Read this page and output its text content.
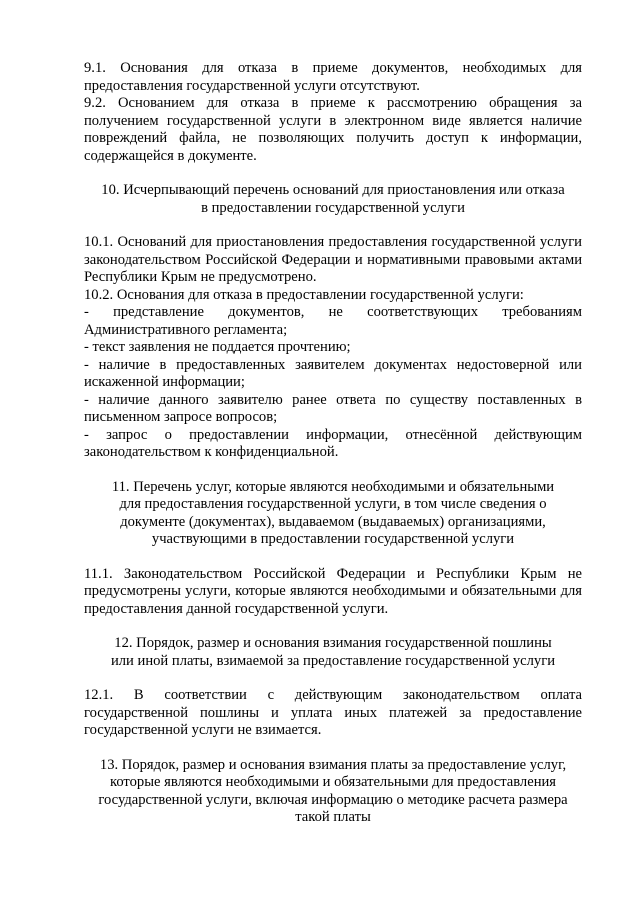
9.1. Основания для отказа в приеме документов, необходимых для предоставления государственной услуги отсутствуют.

9.2. Основанием для отказа в приеме к рассмотрению обращения за получением государственной услуги в электронном виде является наличие повреждений файла, не позволяющих получить доступ к информации, содержащейся в документе.

10. Исчерпывающий перечень оснований для приостановления или отказа
в предоставлении государственной услуги

10.1. Оснований для приостановления предоставления государственной услуги законодательством Российской Федерации и нормативными правовыми актами Республики Крым не предусмотрено.

10.2. Основания для отказа в предоставлении государственной услуги:

- представление документов, не соответствующих требованиям Административного регламента;

- текст заявления не поддается прочтению;

- наличие в предоставленных заявителем документах недостоверной или искаженной информации;

- наличие данного заявителю ранее ответа по существу поставленных в письменном запросе вопросов;

- запрос о предоставлении информации, отнесённой действующим законодательством к конфиденциальной.

11. Перечень услуг, которые являются необходимыми и обязательными
для предоставления государственной услуги, в том числе сведения о
документе (документах), выдаваемом (выдаваемых) организациями,
участвующими в предоставлении государственной услуги

11.1. Законодательством Российской Федерации и Республики Крым не предусмотрены услуги, которые являются необходимыми и обязательными для предоставления данной государственной услуги.

12. Порядок, размер и основания взимания государственной пошлины
или иной платы, взимаемой за предоставление государственной услуги

12.1. В соответствии с действующим законодательством оплата государственной пошлины и уплата иных платежей за предоставление государственной услуги не взимается.

13. Порядок, размер и основания взимания платы за предоставление услуг,
которые являются необходимыми и обязательными для предоставления
государственной услуги, включая информацию о методике расчета размера
такой платы
